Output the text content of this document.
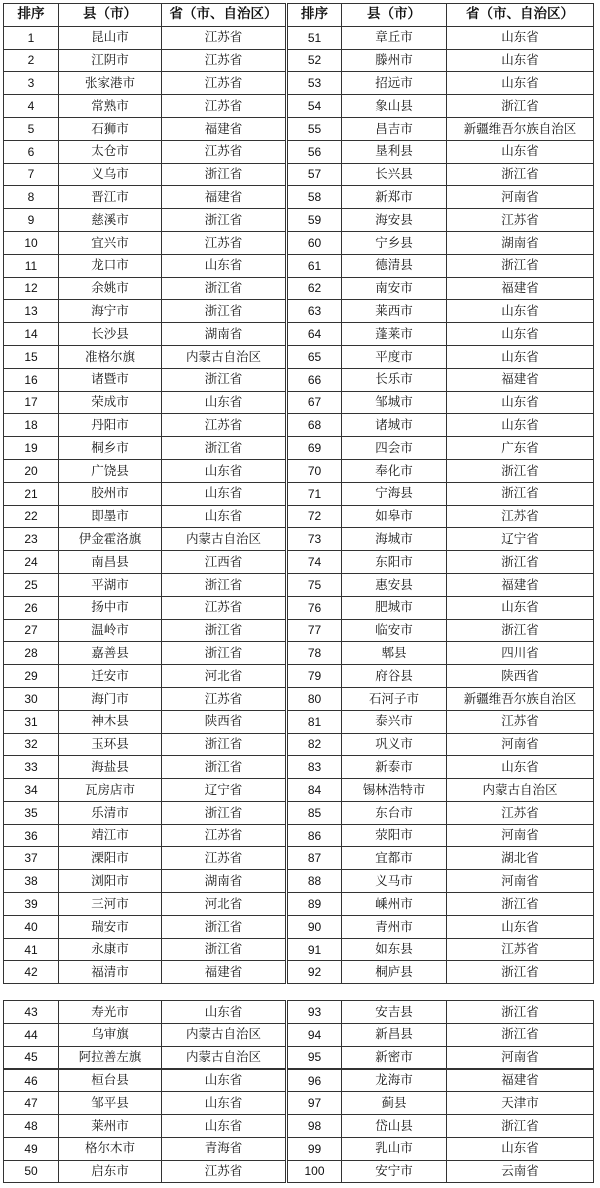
排序	县（市）	省（市、自治区）	排序	县（市）	省（市、自治区）
1	昆山市	江苏省	51	章丘市	山东省
2	江阴市	江苏省	52	滕州市	山东省
3	张家港市	江苏省	53	招远市	山东省
4	常熟市	江苏省	54	象山县	浙江省
5	石狮市	福建省	55	昌吉市	新疆维吾尔族自治区
6	太仓市	江苏省	56	垦利县	山东省
7	义乌市	浙江省	57	长兴县	浙江省
8	晋江市	福建省	58	新郑市	河南省
9	慈溪市	浙江省	59	海安县	江苏省
10	宜兴市	江苏省	60	宁乡县	湖南省
11	龙口市	山东省	61	德清县	浙江省
12	余姚市	浙江省	62	南安市	福建省
13	海宁市	浙江省	63	莱西市	山东省
14	长沙县	湖南省	64	蓬莱市	山东省
15	准格尔旗	内蒙古自治区	65	平度市	山东省
16	诸暨市	浙江省	66	长乐市	福建省
17	荣成市	山东省	67	邹城市	山东省
18	丹阳市	江苏省	68	诸城市	山东省
19	桐乡市	浙江省	69	四会市	广东省
20	广饶县	山东省	70	奉化市	浙江省
21	胶州市	山东省	71	宁海县	浙江省
22	即墨市	山东省	72	如皋市	江苏省
23	伊金霍洛旗	内蒙古自治区	73	海城市	辽宁省
24	南昌县	江西省	74	东阳市	浙江省
25	平湖市	浙江省	75	惠安县	福建省
26	扬中市	江苏省	76	肥城市	山东省
27	温岭市	浙江省	77	临安市	浙江省
28	嘉善县	浙江省	78	郫县	四川省
29	迁安市	河北省	79	府谷县	陕西省
30	海门市	江苏省	80	石河子市	新疆维吾尔族自治区
31	神木县	陕西省	81	泰兴市	江苏省
32	玉环县	浙江省	82	巩义市	河南省
33	海盐县	浙江省	83	新泰市	山东省
34	瓦房店市	辽宁省	84	锡林浩特市	内蒙古自治区
35	乐清市	浙江省	85	东台市	江苏省
36	靖江市	江苏省	86	荥阳市	河南省
37	溧阳市	江苏省	87	宜都市	湖北省
38	浏阳市	湖南省	88	义马市	河南省
39	三河市	河北省	89	嵊州市	浙江省
40	瑞安市	浙江省	90	青州市	山东省
41	永康市	浙江省	91	如东县	江苏省
42	福清市	福建省	92	桐庐县	浙江省
43	寿光市	山东省	93	安吉县	浙江省
44	乌审旗	内蒙古自治区	94	新昌县	浙江省
45	阿拉善左旗	内蒙古自治区	95	新密市	河南省
46	桓台县	山东省	96	龙海市	福建省
47	邹平县	山东省	97	蓟县	天津市
48	莱州市	山东省	98	岱山县	浙江省
49	格尔木市	青海省	99	乳山市	山东省
50	启东市	江苏省	100	安宁市	云南省
